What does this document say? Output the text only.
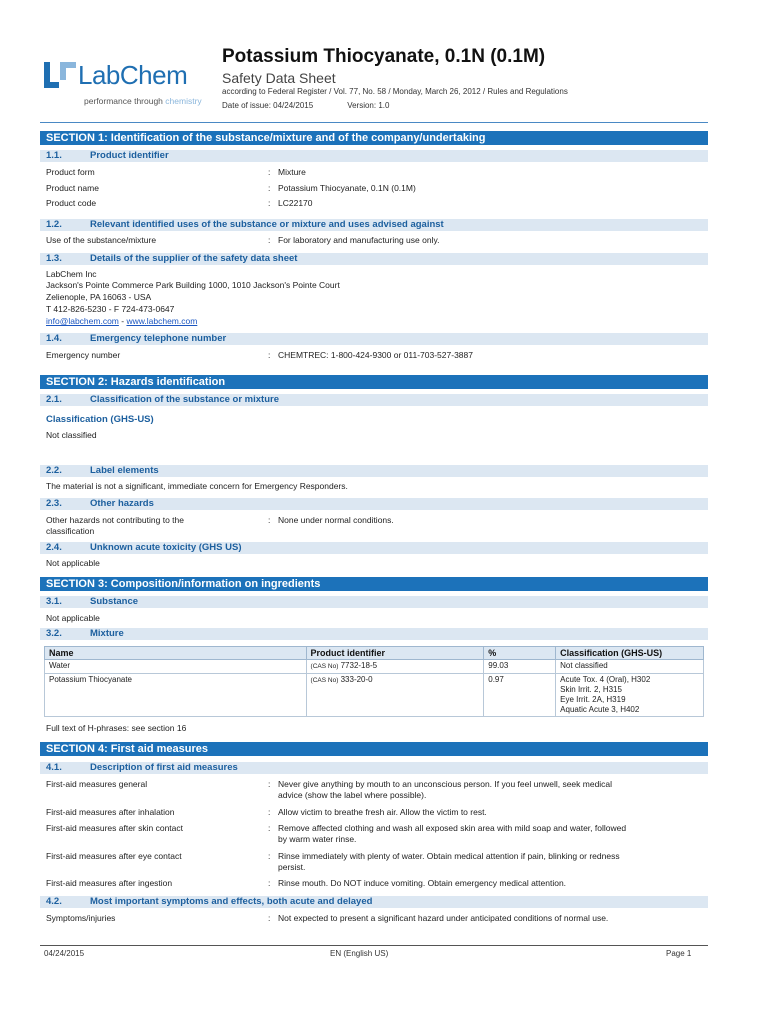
LabChem
performance through chemistry
Potassium Thiocyanate, 0.1N (0.1M)
Safety Data Sheet
according to Federal Register / Vol. 77, No. 58 / Monday, March 26, 2012 / Rules and Regulations
Date of issue: 04/24/2015	Version: 1.0
SECTION 1: Identification of the substance/mixture and of the company/undertaking
1.1.	Product identifier
Product form	: Mixture
Product name	: Potassium Thiocyanate, 0.1N (0.1M)
Product code	: LC22170
1.2.	Relevant identified uses of the substance or mixture and uses advised against
Use of the substance/mixture	: For laboratory and manufacturing use only.
1.3.	Details of the supplier of the safety data sheet
LabChem Inc
Jackson's Pointe Commerce Park Building 1000, 1010 Jackson's Pointe Court
Zelienople, PA 16063 - USA
T 412-826-5230 - F 724-473-0647
info@labchem.com - www.labchem.com
1.4.	Emergency telephone number
Emergency number	: CHEMTREC: 1-800-424-9300 or 011-703-527-3887
SECTION 2: Hazards identification
2.1.	Classification of the substance or mixture
Classification (GHS-US)
Not classified
2.2.	Label elements
The material is not a significant, immediate concern for Emergency Responders.
2.3.	Other hazards
Other hazards not contributing to the
classification
: None under normal conditions.
2.4.	Unknown acute toxicity (GHS US)
Not applicable
SECTION 3: Composition/information on ingredients
3.1.	Substance
Not applicable
3.2.	Mixture
Name	Product identifier	%	Classification (GHS-US)
Water	(CAS No) 7732-18-5	99.03	Not classified
Potassium Thiocyanate	(CAS No) 333-20-0	0.97	Acute Tox. 4 (Oral), H302
Skin Irrit. 2, H315
Eye Irrit. 2A, H319
Aquatic Acute 3, H402
Full text of H-phrases: see section 16
SECTION 4: First aid measures
4.1.	Description of first aid measures
First-aid measures general	: Never give anything by mouth to an unconscious person. If you feel unwell, seek medical
advice (show the label where possible).
First-aid measures after inhalation	: Allow victim to breathe fresh air. Allow the victim to rest.
First-aid measures after skin contact	: Remove affected clothing and wash all exposed skin area with mild soap and water, followed
by warm water rinse.
First-aid measures after eye contact	: Rinse immediately with plenty of water. Obtain medical attention if pain, blinking or redness
persist.
First-aid measures after ingestion	: Rinse mouth. Do NOT induce vomiting. Obtain emergency medical attention.
4.2.	Most important symptoms and effects, both acute and delayed
Symptoms/injuries	: Not expected to present a significant hazard under anticipated conditions of normal use.
04/24/2015	EN (English US)	Page 1
